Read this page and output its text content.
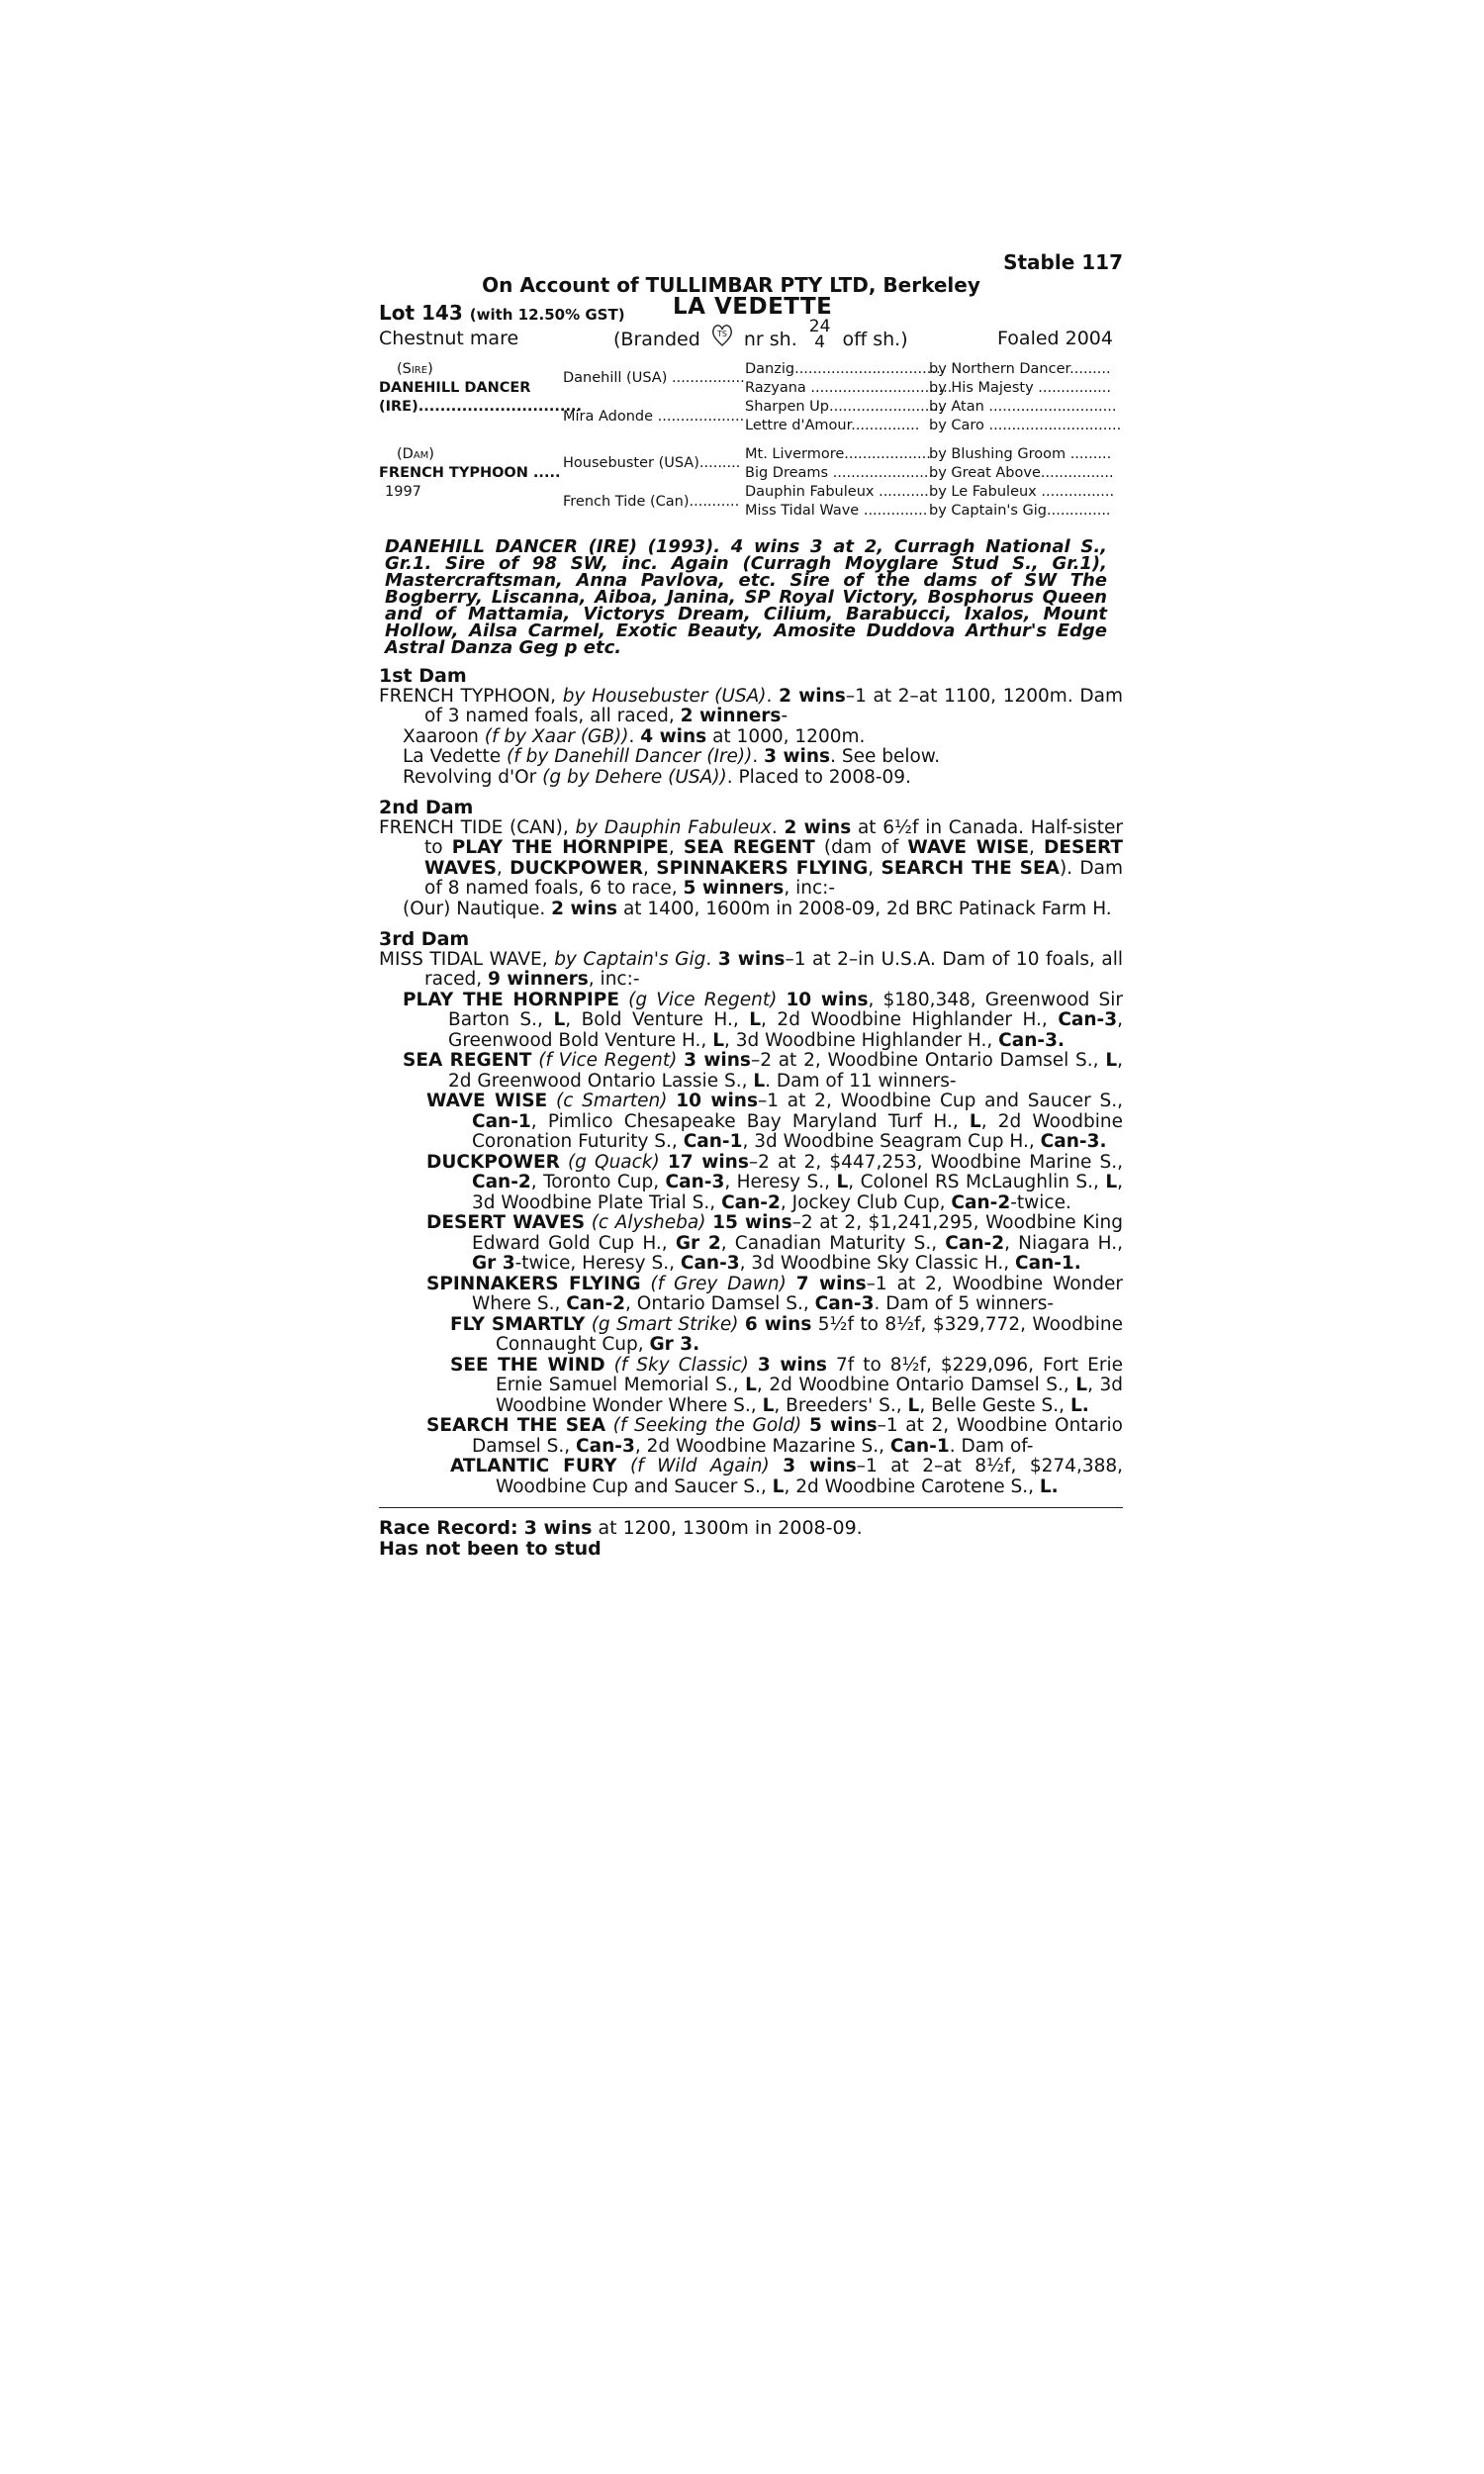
Stable 117
On Account of TULLIMBAR PTY LTD, Berkeley
Lot 143 (with 12.50% GST) LA VEDETTE
Chestnut mare	(Branded TS nr sh. 24
4 off sh.)	Foaled 2004
(Sire)
DANEHILL DANCER
(IRE)..............................
Danehill (USA) ................
Mira Adonde ...................
(Dam)
FRENCH TYPHOON .....
1997
Housebuster (USA).........
French Tide (Can)...........
Danzig.................................
Razyana ...............................
Sharpen Up.........................
Lettre d'Amour...............
Mt. Livermore...................
Big Dreams .......................
Dauphin Fabuleux ...........
Miss Tidal Wave ..............
by Northern Dancer.........
by His Majesty ................
by Atan ............................
by Caro .............................
by Blushing Groom .........
by Great Above................
by Le Fabuleux ................
by Captain's Gig..............
DANEHILL DANCER (IRE) (1993). 4 wins 3 at 2, Curragh National S., Gr.1. Sire of 98 SW, inc. Again (Curragh Moyglare Stud S., Gr.1), Mastercraftsman, Anna Pavlova, etc. Sire of the dams of SW The Bogberry, Liscanna, Aiboa, Janina, SP Royal Victory, Bosphorus Queen and of Mattamia, Victorys Dream, Cilium, Barabucci, Ixalos, Mount Hollow, Ailsa Carmel, Exotic Beauty, Amosite Duddova Arthur's Edge Astral Danza Geg p etc.
1st Dam
FRENCH TYPHOON, by Housebuster (USA). 2 wins–1 at 2–at 1100, 1200m. Dam of 3 named foals, all raced, 2 winners-
Xaaroon (f by Xaar (GB)). 4 wins at 1000, 1200m.
La Vedette (f by Danehill Dancer (Ire)). 3 wins. See below.
Revolving d'Or (g by Dehere (USA)). Placed to 2008-09.
2nd Dam
FRENCH TIDE (CAN), by Dauphin Fabuleux. 2 wins at 6½f in Canada. Half-sister to PLAY THE HORNPIPE, SEA REGENT (dam of WAVE WISE, DESERT WAVES, DUCKPOWER, SPINNAKERS FLYING, SEARCH THE SEA). Dam of 8 named foals, 6 to race, 5 winners, inc:-
(Our) Nautique. 2 wins at 1400, 1600m in 2008-09, 2d BRC Patinack Farm H.
3rd Dam
MISS TIDAL WAVE, by Captain's Gig. 3 wins–1 at 2–in U.S.A. Dam of 10 foals, all raced, 9 winners, inc:-
PLAY THE HORNPIPE (g Vice Regent) 10 wins, $180,348, Greenwood Sir Barton S., L, Bold Venture H., L, 2d Woodbine Highlander H., Can-3, Greenwood Bold Venture H., L, 3d Woodbine Highlander H., Can-3.
SEA REGENT (f Vice Regent) 3 wins–2 at 2, Woodbine Ontario Damsel S., L, 2d Greenwood Ontario Lassie S., L. Dam of 11 winners-
WAVE WISE (c Smarten) 10 wins–1 at 2, Woodbine Cup and Saucer S., Can-1, Pimlico Chesapeake Bay Maryland Turf H., L, 2d Woodbine Coronation Futurity S., Can-1, 3d Woodbine Seagram Cup H., Can-3.
DUCKPOWER (g Quack) 17 wins–2 at 2, $447,253, Woodbine Marine S., Can-2, Toronto Cup, Can-3, Heresy S., L, Colonel RS McLaughlin S., L, 3d Woodbine Plate Trial S., Can-2, Jockey Club Cup, Can-2-twice.
DESERT WAVES (c Alysheba) 15 wins–2 at 2, $1,241,295, Woodbine King Edward Gold Cup H., Gr 2, Canadian Maturity S., Can-2, Niagara H., Gr 3-twice, Heresy S., Can-3, 3d Woodbine Sky Classic H., Can-1.
SPINNAKERS FLYING (f Grey Dawn) 7 wins–1 at 2, Woodbine Wonder Where S., Can-2, Ontario Damsel S., Can-3. Dam of 5 winners-
FLY SMARTLY (g Smart Strike) 6 wins 5½f to 8½f, $329,772, Woodbine Connaught Cup, Gr 3.
SEE THE WIND (f Sky Classic) 3 wins 7f to 8½f, $229,096, Fort Erie Ernie Samuel Memorial S., L, 2d Woodbine Ontario Damsel S., L, 3d Woodbine Wonder Where S., L, Breeders' S., L, Belle Geste S., L.
SEARCH THE SEA (f Seeking the Gold) 5 wins–1 at 2, Woodbine Ontario Damsel S., Can-3, 2d Woodbine Mazarine S., Can-1. Dam of-
ATLANTIC FURY (f Wild Again) 3 wins–1 at 2–at 8½f, $274,388, Woodbine Cup and Saucer S., L, 2d Woodbine Carotene S., L.
Race Record: 3 wins at 1200, 1300m in 2008-09.
Has not been to stud
